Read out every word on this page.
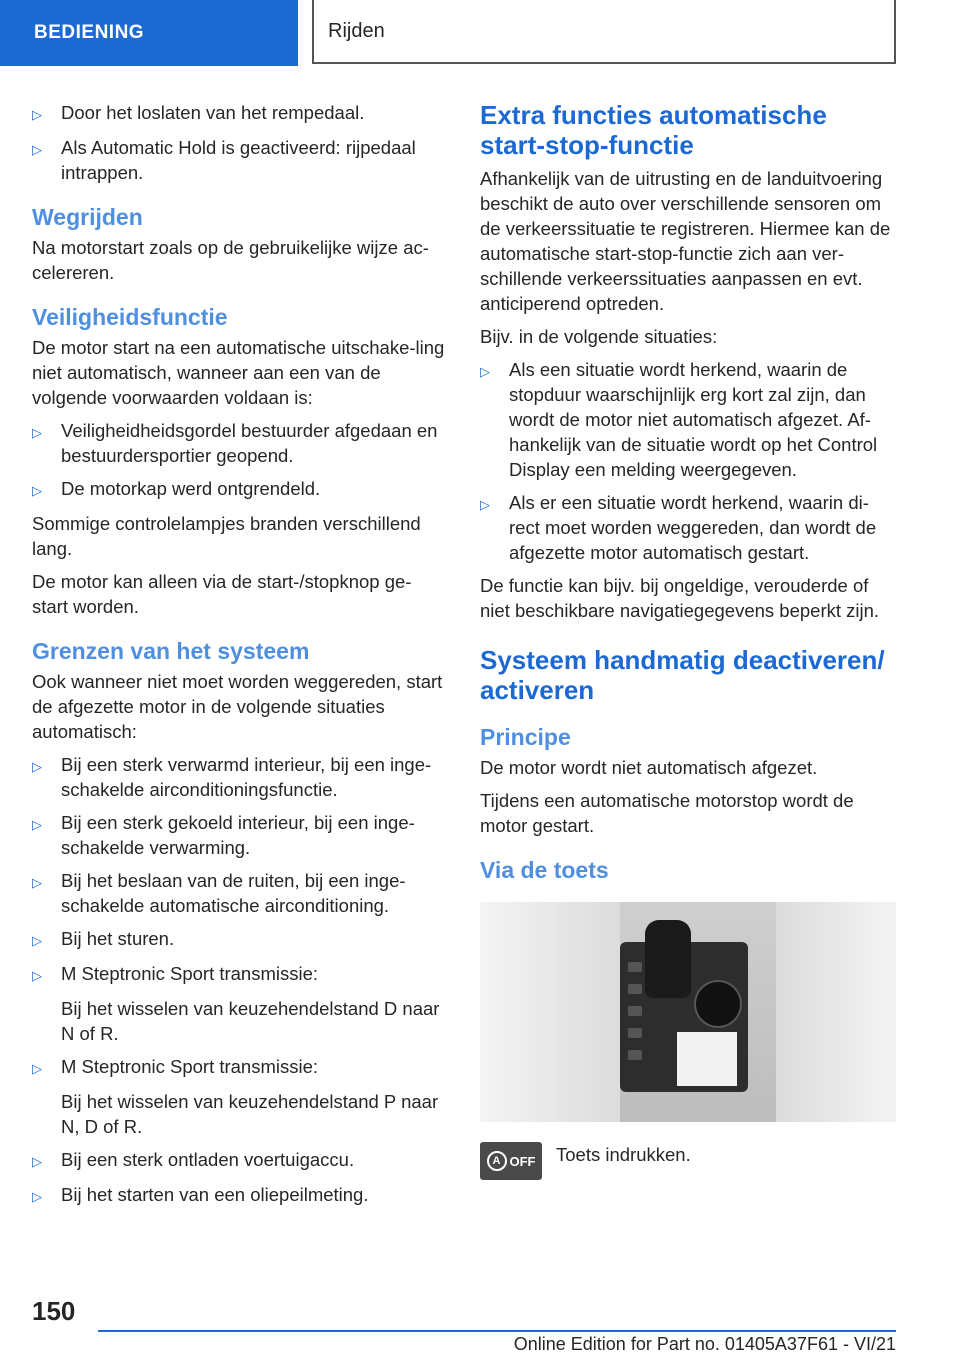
BEDIENING	Rijden
▷	Door het loslaten van het rempedaal.
▷	Als Automatic Hold is geactiveerd: rijpedaal intrappen.
Wegrijden

Na motorstart zoals op de gebruikelijke wijze ac-celereren.

Veiligheidsfunctie

De motor start na een automatische uitschake-ling niet automatisch, wanneer aan een van de volgende voorwaarden voldaan is:

▷	Veiligheidheidsgordel bestuurder afgedaan en bestuurdersportier geopend.
▷	De motorkap werd ontgrendeld.

Sommige controlelampjes branden verschillend lang.

De motor kan alleen via de start-/stopknop ge-start worden.

Grenzen van het systeem

Ook wanneer niet moet worden weggereden, start de afgezette motor in de volgende situaties automatisch:

▷	Bij een sterk verwarmd interieur, bij een inge-schakelde airconditioningsfunctie.
▷	Bij een sterk gekoeld interieur, bij een inge-schakelde verwarming.
▷	Bij het beslaan van de ruiten, bij een inge-schakelde automatische airconditioning.
▷	Bij het sturen.
▷	M Steptronic Sport transmissie:

Bij het wisselen van keuzehendelstand D naar N of R.

▷	M Steptronic Sport transmissie:

Bij het wisselen van keuzehendelstand P naar N, D of R.

▷	Bij een sterk ontladen voertuigaccu.
▷	Bij het starten van een oliepeilmeting.
Extra functies automatische start-stop-functie

Afhankelijk van de uitrusting en de landuitvoering beschikt de auto over verschillende sensoren om de verkeerssituatie te registreren. Hiermee kan de automatische start-stop-functie zich aan ver-schillende verkeerssituaties aanpassen en evt. anticiperend optreden.

Bijv. in de volgende situaties:

▷	Als een situatie wordt herkend, waarin de stopduur waarschijnlijk erg kort zal zijn, dan wordt de motor niet automatisch afgezet. Af-hankelijk van de situatie wordt op het Control Display een melding weergegeven.
▷	Als er een situatie wordt herkend, waarin di-rect moet worden weggereden, dan wordt de afgezette motor automatisch gestart.

De functie kan bijv. bij ongeldige, verouderde of niet beschikbare navigatiegegevens beperkt zijn.

Systeem handmatig deactiveren/ activeren
Principe

De motor wordt niet automatisch afgezet.

Tijdens een automatische motorstop wordt de motor gestart.

Via de toets
A OFF Toets indrukken.
150
Online Edition for Part no. 01405A37F61 - VI/21
